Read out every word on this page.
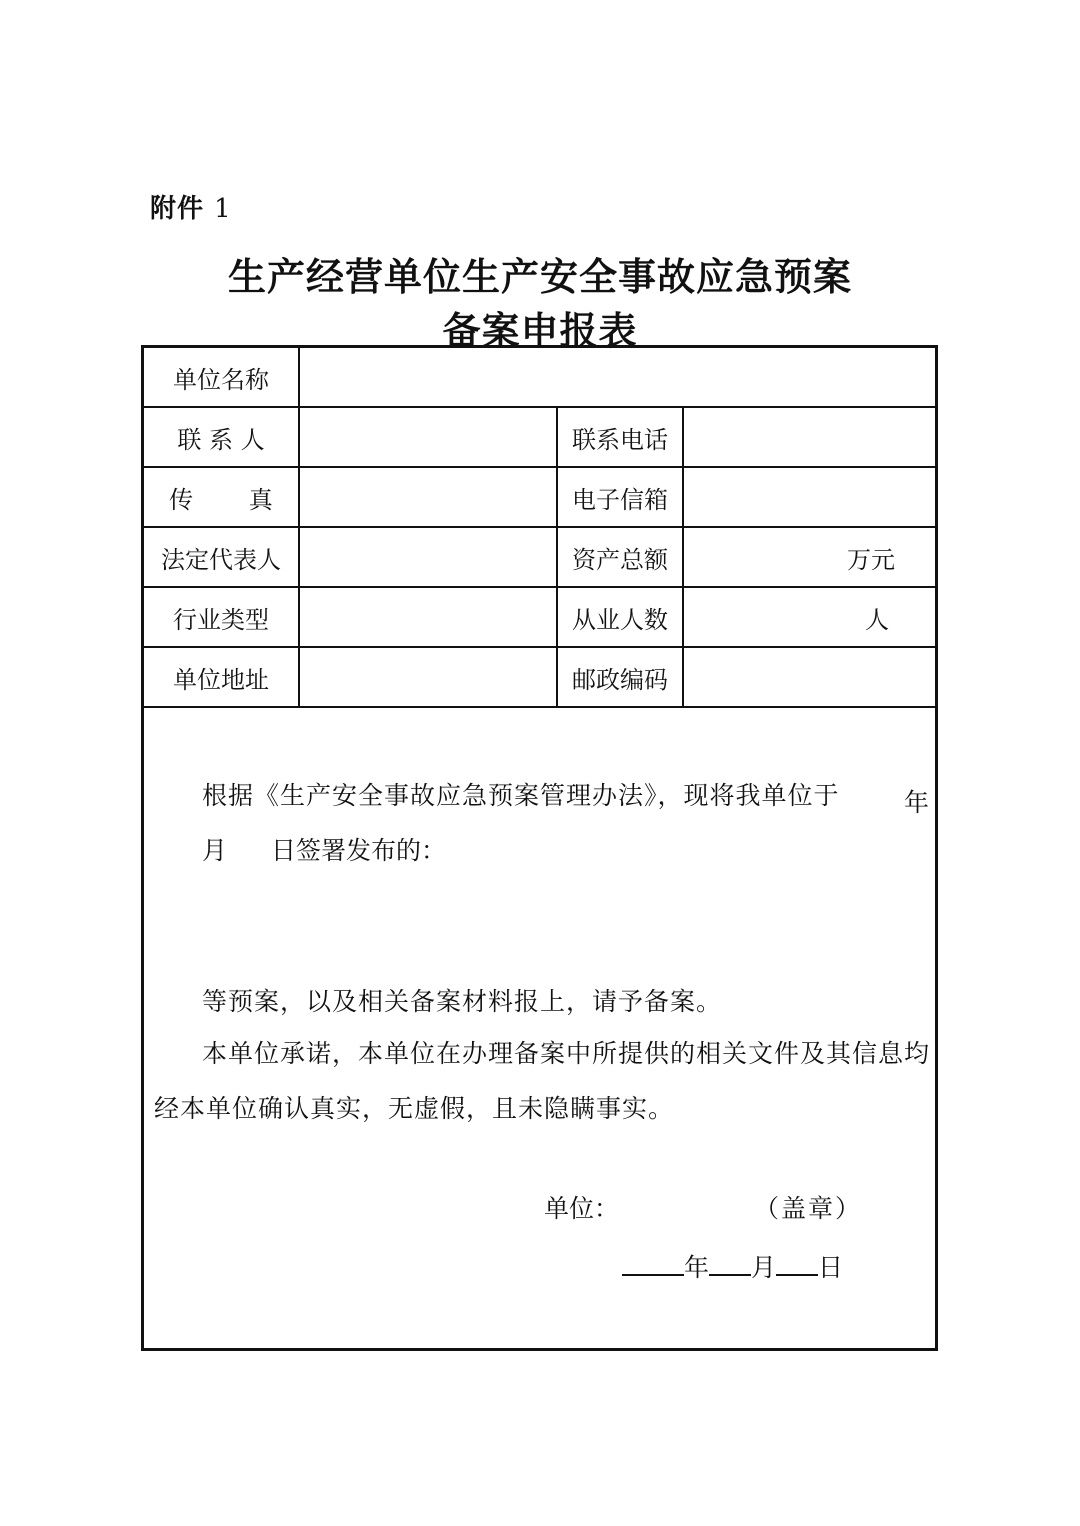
附件 1
生产经营单位生产安全事故应急预案
备案申报表
单位名称			
联 系 人		联系电话	
传 真		电子信箱	
法定代表人		资产总额	万元
行业类型		从业人数	人
单位地址		邮政编码	
根据《生产安全事故应急预案管理办法》，现将我单位于	年
月 日签署发布的：
等预案，以及相关备案材料报上，请予备案。
本单位承诺，本单位在办理备案中所提供的相关文件及其信息均
经本单位确认真实，无虚假，且未隐瞒事实。
单位：	（盖章）
年 月 日
